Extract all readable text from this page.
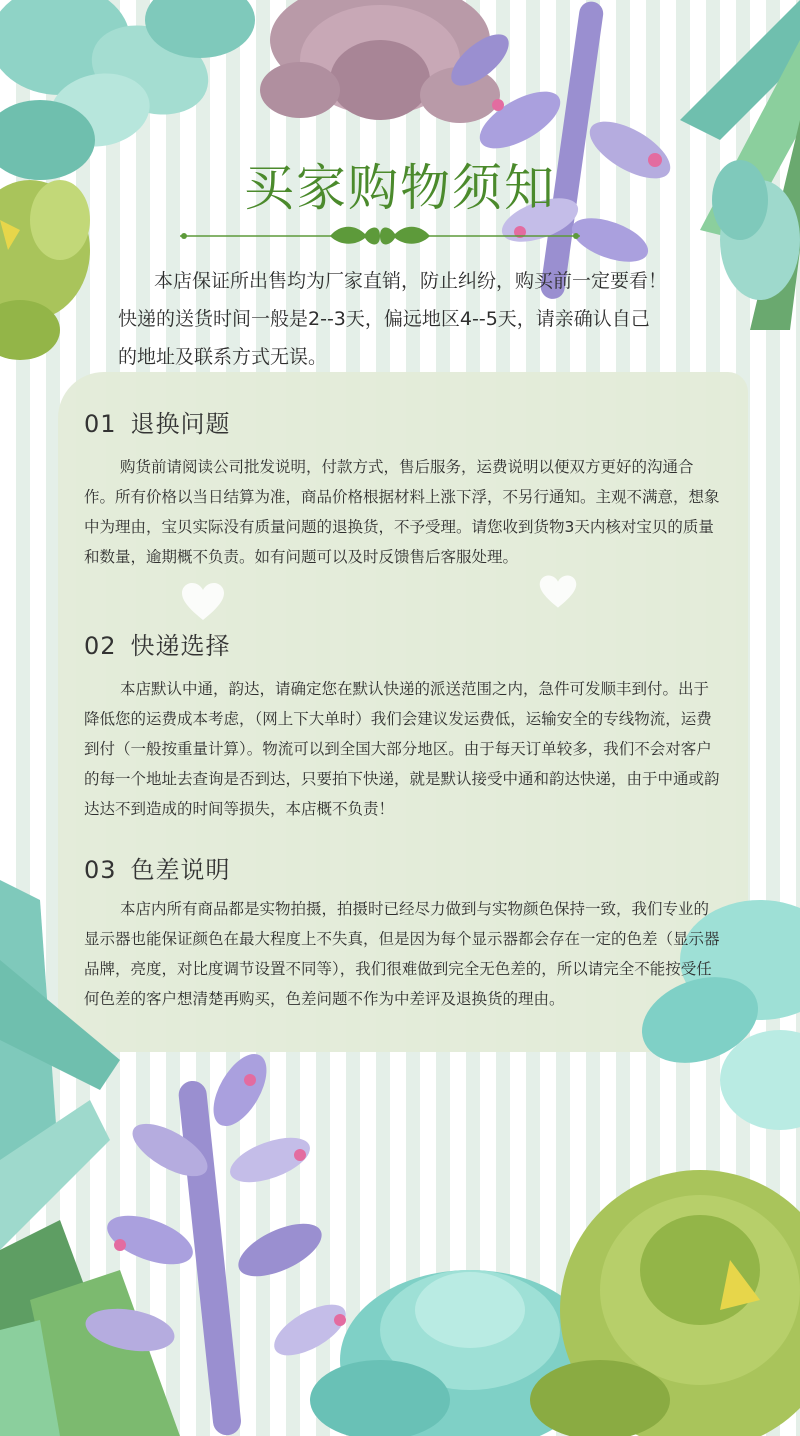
买家购物须知
本店保证所出售均为厂家直销，防止纠纷，购买前一定要看！
快递的送货时间一般是2--3天，偏远地区4--5天，请亲确认自己
的地址及联系方式无误。
01 退换问题

购货前请阅读公司批发说明，付款方式，售后服务，运费说明以便双方更好的沟通合作。所有价格以当日结算为准，商品价格根据材料上涨下浮，不另行通知。主观不满意，想象中为理由，宝贝实际没有质量问题的退换货，不予受理。请您收到货物3天内核对宝贝的质量和数量，逾期概不负责。如有问题可以及时反馈售后客服处理。

02 快递选择

本店默认中通，韵达，请确定您在默认快递的派送范围之内，急件可发顺丰到付。出于降低您的运费成本考虑，（网上下大单时）我们会建议发运费低，运输安全的专线物流，运费到付（一般按重量计算）。物流可以到全国大部分地区。由于每天订单较多，我们不会对客户的每一个地址去查询是否到达，只要拍下快递，就是默认接受中通和韵达快递，由于中通或韵达达不到造成的时间等损失，本店概不负责！

03 色差说明

本店内所有商品都是实物拍摄，拍摄时已经尽力做到与实物颜色保持一致，我们专业的显示器也能保证颜色在最大程度上不失真，但是因为每个显示器都会存在一定的色差（显示器品牌，亮度，对比度调节设置不同等），我们很难做到完全无色差的，所以请完全不能按受任何色差的客户想清楚再购买，色差问题不作为中差评及退换货的理由。
